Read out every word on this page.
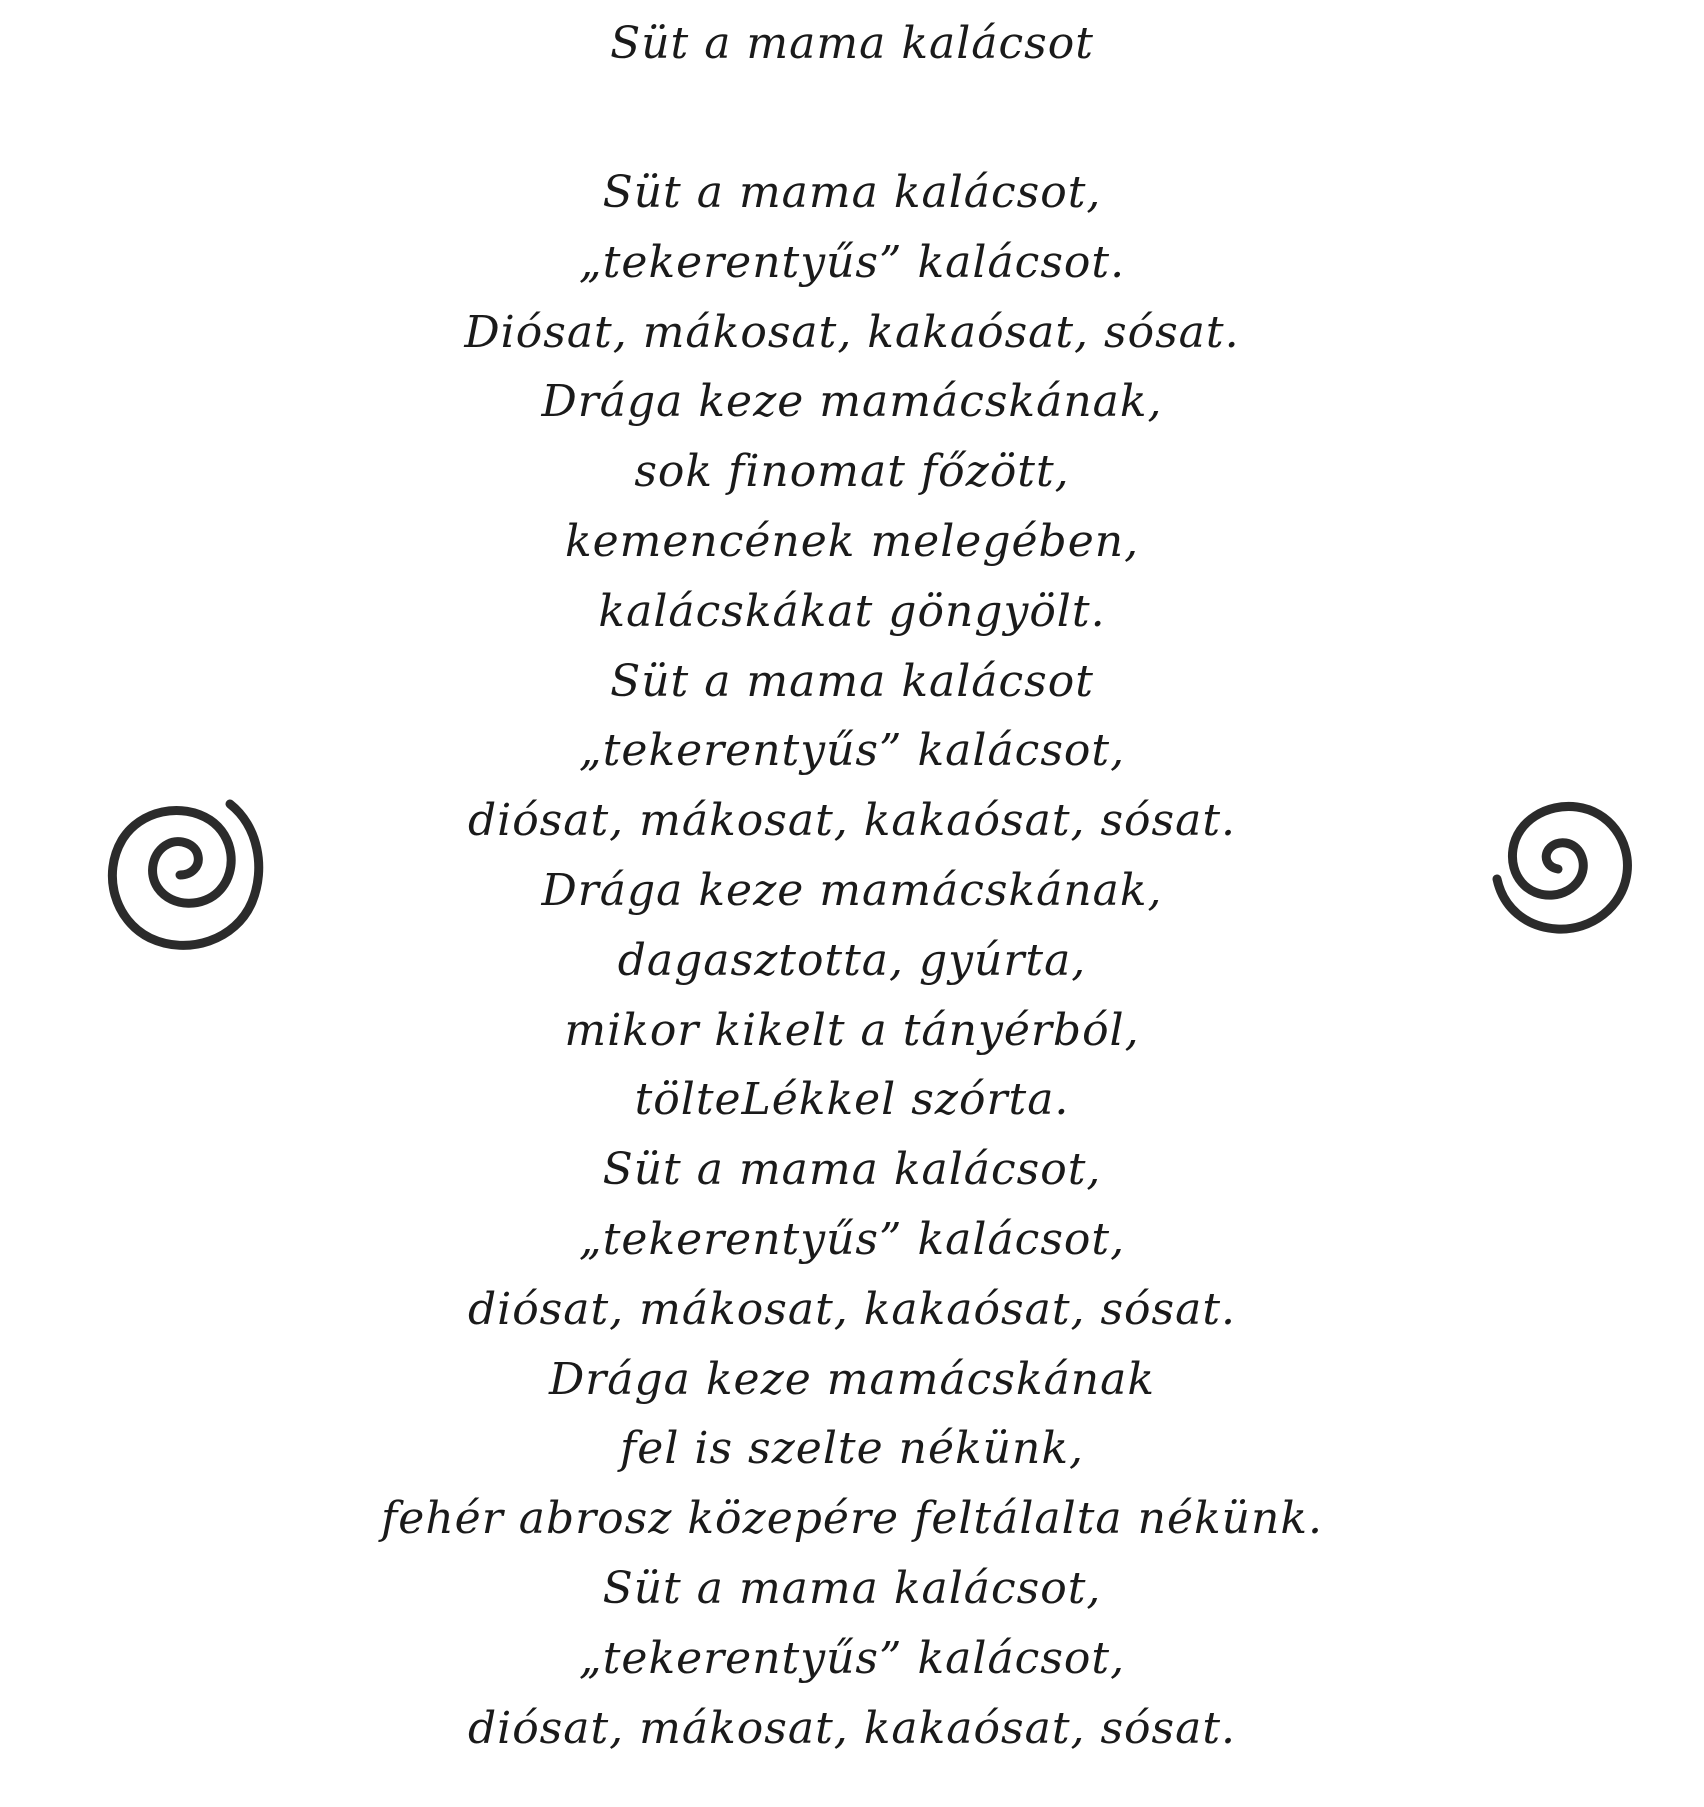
Süt a mama kalácsot
Süt a mama kalácsot,
„tekerentyűs” kalácsot.
Diósat, mákosat, kakaósat, sósat.
Drága keze mamácskának,
sok finomat főzött,
kemencének melegében,
kalácskákat göngyölt.
Süt a mama kalácsot
„tekerentyűs” kalácsot,
diósat, mákosat, kakaósat, sósat.
Drága keze mamácskának,
dagasztotta, gyúrta,
mikor kikelt a tányérból,
tölteLékkel szórta.
Süt a mama kalácsot,
„tekerentyűs” kalácsot,
diósat, mákosat, kakaósat, sósat.
Drága keze mamácskának
fel is szelte nékünk,
fehér abrosz közepére feltálalta nékünk.
Süt a mama kalácsot,
„tekerentyűs” kalácsot,
diósat, mákosat, kakaósat, sósat.
